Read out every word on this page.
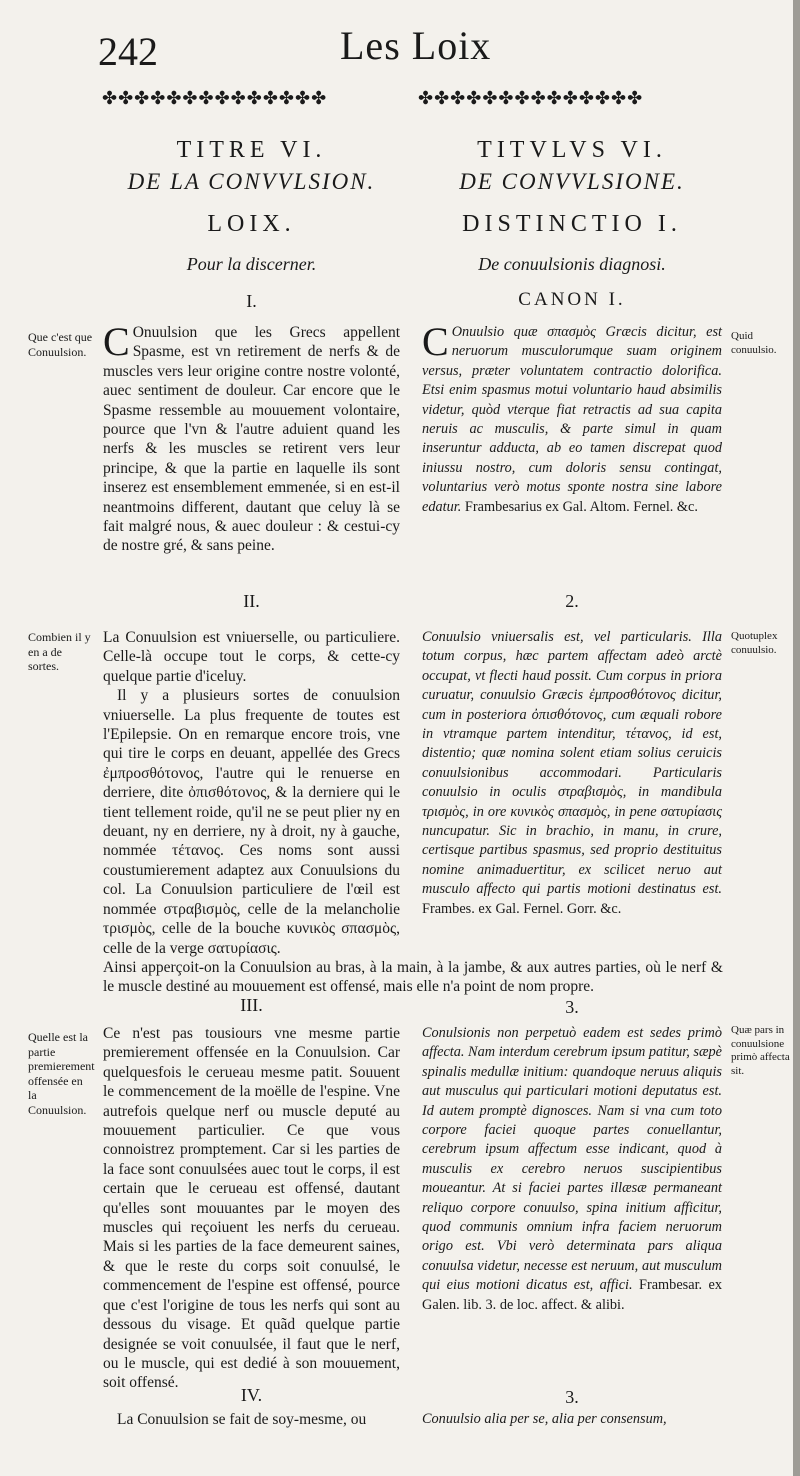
242	Les Loix
✤✤✤✤✤✤✤✤✤✤✤✤✤✤	✤✤✤✤✤✤✤✤✤✤✤✤✤✤
TITRE VI.
DE LA CONVVLSION.
LOIX.
Pour la discerner.
I.
TITVLVS VI.
DE CONVVLSIONE.
DISTINCTIO I.
De conuulsionis diagnosi.
CANON I.
C Onuulsion que les Grecs appellent Spasme, est vn retirement de nerfs & de muscles vers leur origine contre nostre volonté, auec sentiment de douleur. Car encore que le Spasme ressemble au mouuement volontaire, pource que l'vn & l'autre aduient quand les nerfs & les muscles se retirent vers leur principe, & que la partie en laquelle ils sont inserez est ensemblement emmenée, si en est-il neantmoins different, dautant que celuy là se fait malgré nous, & auec douleur : & cestui-cy de nostre gré, & sans peine.
C Onuulsio quæ σπασμὸς Græcis dicitur, est neruorum musculorumque suam originem versus, præter voluntatem contractio dolorifica. Etsi enim spasmus motui voluntario haud absimilis videtur, quòd vterque fiat retractis ad sua capita neruis ac musculis, & parte simul in quam inseruntur adducta, ab eo tamen discrepat quod iniussu nostro, cum doloris sensu contingat, voluntarius verò motus sponte nostra sine labore edatur. Frambesarius ex Gal. Altom. Fernel. &c.
II.	2.
La Conuulsion est vniuerselle, ou particuliere. Celle-là occupe tout le corps, & cette-cy quelque partie d'iceluy.
Il y a plusieurs sortes de conuulsion vniuerselle. La plus frequente de toutes est l'Epilepsie. On en remarque encore trois, vne qui tire le corps en deuant, appellée des Grecs ἐμπροσθότονος, l'autre qui le renuerse en derriere, dite ὀπισθότονος, & la derniere qui le tient tellement roide, qu'il ne se peut plier ny en deuant, ny en derriere, ny à droit, ny à gauche, nommée τέτανος. Ces noms sont aussi coustumierement adaptez aux Conuulsions du col. La Conuulsion particuliere de l'œil est nommée στραβισμὸς, celle de la melancholie τρισμὸς, celle de la bouche κυνικὸς σπασμὸς, celle de la verge σατυρίασις.
Conuulsio vniuersalis est, vel particularis. Illa totum corpus, hæc partem affectam adeò arctè occupat, vt flecti haud possit. Cum corpus in priora curuatur, conuulsio Græcis ἐμπροσθότονος dicitur, cum in posteriora ὀπισθότονος, cum æquali robore in vtramque partem intenditur, τέτανος, id est, distentio; quæ nomina solent etiam solius ceruicis conuulsionibus accommodari. Particularis conuulsio in oculis στραβισμὸς, in mandibula τρισμὸς, in ore κυνικὸς σπασμὸς, in pene σατυρίασις nuncupatur. Sic in brachio, in manu, in crure, certisque partibus spasmus, sed proprio destituitus nomine animaduertitur, ex scilicet neruo aut musculo affecto qui partis motioni destinatus est. Frambes. ex Gal. Fernel. Gorr. &c.
Ainsi apperçoit-on la Conuulsion au bras, à la main, à la jambe, & aux autres parties, où le nerf & le muscle destiné au mouuement est offensé, mais elle n'a point de nom propre.
III.	3.
Ce n'est pas tousiours vne mesme partie premierement offensée en la Conuulsion. Car quelquesfois le cerueau mesme patit. Souuent le commencement de la moëlle de l'espine. Vne autrefois quelque nerf ou muscle deputé au mouuement particulier. Ce que vous connoistrez promptement. Car si les parties de la face sont conuulsées auec tout le corps, il est certain que le cerueau est offensé, dautant qu'elles sont mouuantes par le moyen des muscles qui reçoiuent les nerfs du cerueau. Mais si les parties de la face demeurent saines, & que le reste du corps soit conuulsé, le commencement de l'espine est offensé, pource que c'est l'origine de tous les nerfs qui sont au dessous du visage. Et quãd quelque partie designée se voit conuulsée, il faut que le nerf, ou le muscle, qui est dedié à son mouuement, soit offensé.
Conulsionis non perpetuò eadem est sedes primò affecta. Nam interdum cerebrum ipsum patitur, sæpè spinalis medullæ initium: quandoque neruus aliquis aut musculus qui particulari motioni deputatus est. Id autem promptè dignosces. Nam si vna cum toto corpore faciei quoque partes conuellantur, cerebrum ipsum affectum esse indicant, quod à musculis ex cerebro neruos suscipientibus moueantur. At si faciei partes illæsæ permaneant reliquo corpore conuulso, spina initium afficitur, quod communis omnium infra faciem neruorum origo est. Vbi verò determinata pars aliqua conuulsa videtur, necesse est neruum, aut musculum qui eius motioni dicatus est, affici. Frambesar. ex Galen. lib. 3. de loc. affect. & alibi.
IV.	3.
La Conuulsion se fait de soy-mesme, ou	Conuulsio alia per se, alia per consensum,
Que c'est que Conuulsion.
Combien il y en a de sortes.
Quelle est la partie premierement offensée en la Conuulsion.
Quid conuulsio.
Quotuplex conuulsio.
Quæ pars in conuulsione primò affecta sit.
